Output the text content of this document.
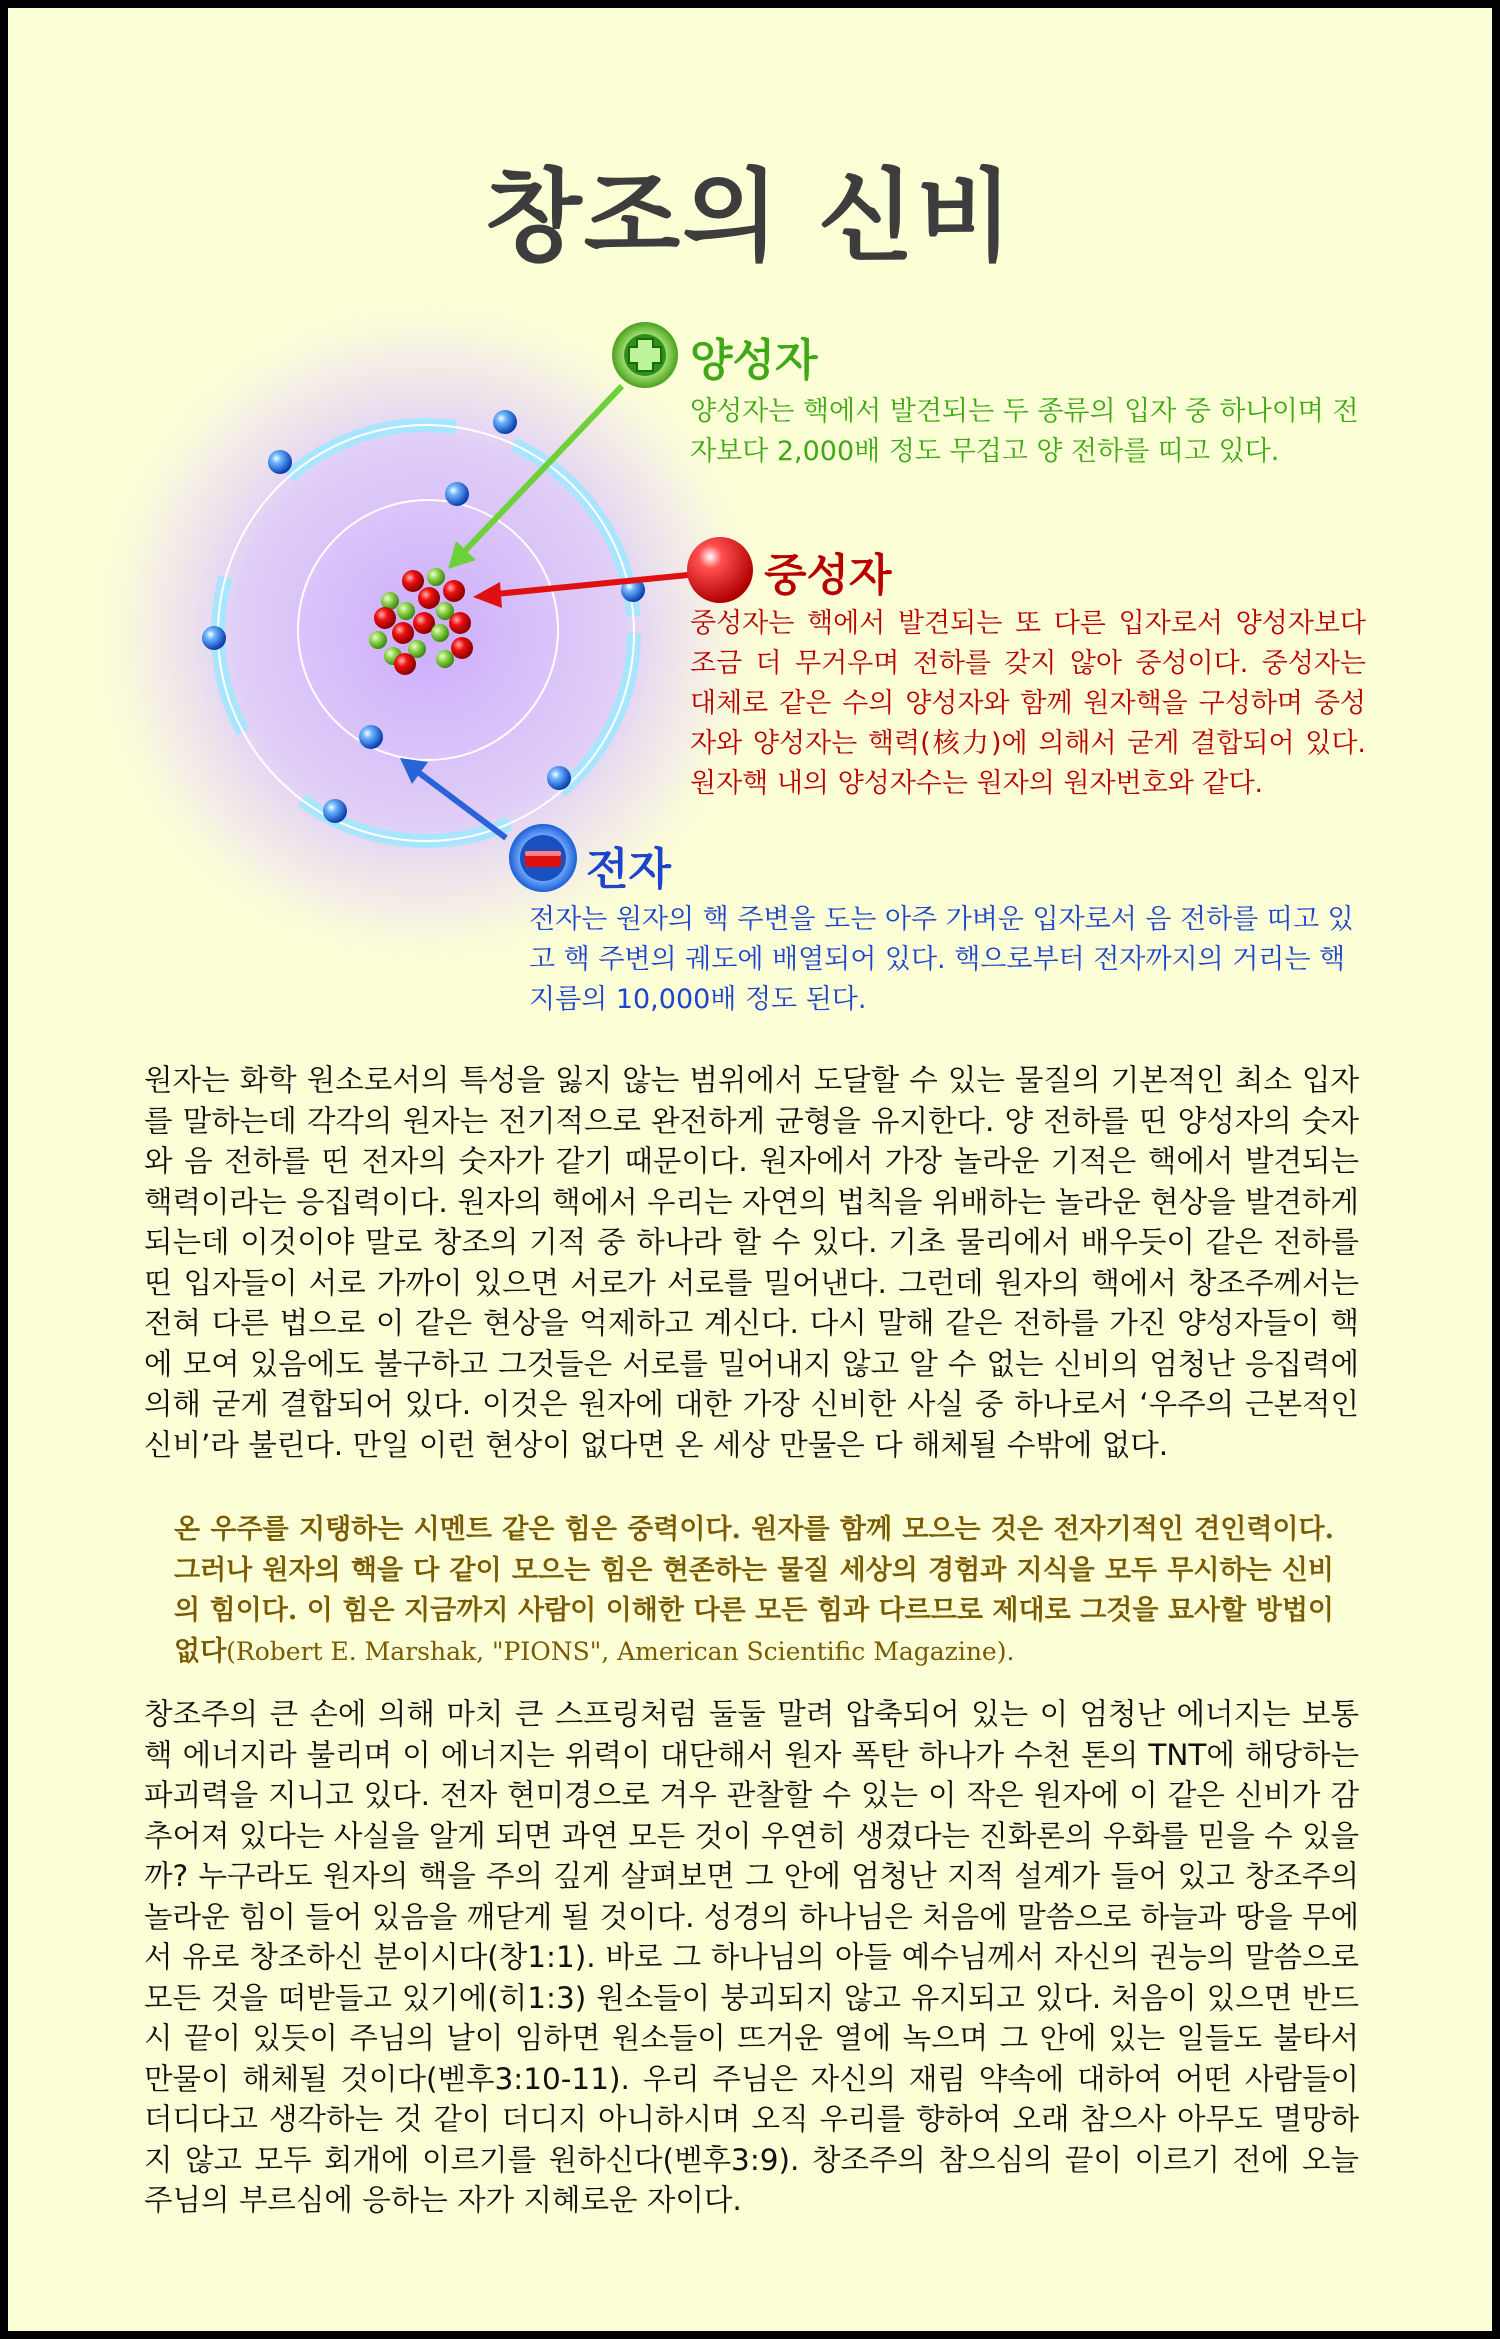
창조의 신비
양성자
양성자는 핵에서 발견되는 두 종류의 입자 중 하나이며 전자보다 2,000배 정도 무겁고 양 전하를 띠고 있다.
중성자
중성자는 핵에서 발견되는 또 다른 입자로서 양성자보다 조금 더 무거우며 전하를 갖지 않아 중성이다. 중성자는 대체로 같은 수의 양성자와 함께 원자핵을 구성하며 중성자와 양성자는 핵력(核力)에 의해서 굳게 결합되어 있다. 원자핵 내의 양성자수는 원자의 원자번호와 같다.
전자
전자는 원자의 핵 주변을 도는 아주 가벼운 입자로서 음 전하를 띠고 있고 핵 주변의 궤도에 배열되어 있다. 핵으로부터 전자까지의 거리는 핵 지름의 10,000배 정도 된다.

원자는 화학 원소로서의 특성을 잃지 않는 범위에서 도달할 수 있는 물질의 기본적인 최소 입자를 말하는데 각각의 원자는 전기적으로 완전하게 균형을 유지한다. 양 전하를 띤 양성자의 숫자와 음 전하를 띤 전자의 숫자가 같기 때문이다. 원자에서 가장 놀라운 기적은 핵에서 발견되는 핵력이라는 응집력이다. 원자의 핵에서 우리는 자연의 법칙을 위배하는 놀라운 현상을 발견하게 되는데 이것이야 말로 창조의 기적 중 하나라 할 수 있다. 기초 물리에서 배우듯이 같은 전하를 띤 입자들이 서로 가까이 있으면 서로가 서로를 밀어낸다. 그런데 원자의 핵에서 창조주께서는 전혀 다른 법으로 이 같은 현상을 억제하고 계신다. 다시 말해 같은 전하를 가진 양성자들이 핵에 모여 있음에도 불구하고 그것들은 서로를 밀어내지 않고 알 수 없는 신비의 엄청난 응집력에 의해 굳게 결합되어 있다. 이것은 원자에 대한 가장 신비한 사실 중 하나로서 ‘우주의 근본적인 신비’라 불린다. 만일 이런 현상이 없다면 온 세상 만물은 다 해체될 수밖에 없다.

온 우주를 지탱하는 시멘트 같은 힘은 중력이다. 원자를 함께 모으는 것은 전자기적인 견인력이다. 그러나 원자의 핵을 다 같이 모으는 힘은 현존하는 물질 세상의 경험과 지식을 모두 무시하는 신비의 힘이다. 이 힘은 지금까지 사람이 이해한 다른 모든 힘과 다르므로 제대로 그것을 묘사할 방법이 없다(Robert E. Marshak, "PIONS", American Scientific Magazine).

창조주의 큰 손에 의해 마치 큰 스프링처럼 둘둘 말려 압축되어 있는 이 엄청난 에너지는 보통 핵 에너지라 불리며 이 에너지는 위력이 대단해서 원자 폭탄 하나가 수천 톤의 TNT에 해당하는 파괴력을 지니고 있다. 전자 현미경으로 겨우 관찰할 수 있는 이 작은 원자에 이 같은 신비가 감추어져 있다는 사실을 알게 되면 과연 모든 것이 우연히 생겼다는 진화론의 우화를 믿을 수 있을까? 누구라도 원자의 핵을 주의 깊게 살펴보면 그 안에 엄청난 지적 설계가 들어 있고 창조주의 놀라운 힘이 들어 있음을 깨닫게 될 것이다. 성경의 하나님은 처음에 말씀으로 하늘과 땅을 무에서 유로 창조하신 분이시다(창1:1). 바로 그 하나님의 아들 예수님께서 자신의 권능의 말씀으로 모든 것을 떠받들고 있기에(히1:3) 원소들이 붕괴되지 않고 유지되고 있다. 처음이 있으면 반드시 끝이 있듯이 주님의 날이 임하면 원소들이 뜨거운 열에 녹으며 그 안에 있는 일들도 불타서 만물이 해체될 것이다(벧후3:10-11). 우리 주님은 자신의 재림 약속에 대하여 어떤 사람들이 더디다고 생각하는 것 같이 더디지 아니하시며 오직 우리를 향하여 오래 참으사 아무도 멸망하지 않고 모두 회개에 이르기를 원하신다(벧후3:9). 창조주의 참으심의 끝이 이르기 전에 오늘 주님의 부르심에 응하는 자가 지혜로운 자이다.
